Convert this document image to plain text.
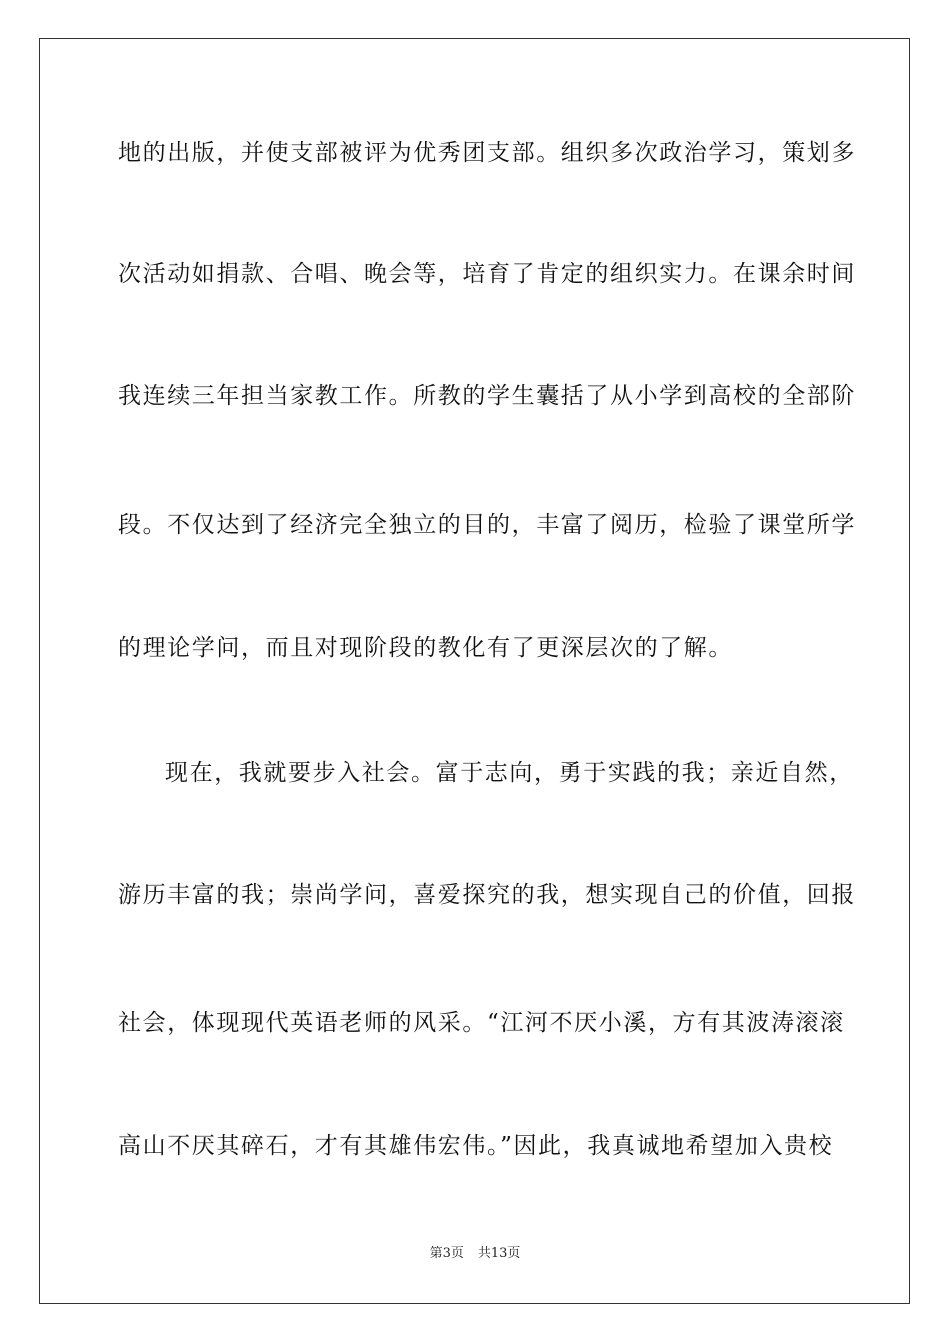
地的出版，并使支部被评为优秀团支部。组织多次政治学习，策划多
次活动如捐款、合唱、晚会等，培育了肯定的组织实力。在课余时间
我连续三年担当家教工作。所教的学生囊括了从小学到高校的全部阶
段。不仅达到了经济完全独立的目的，丰富了阅历，检验了课堂所学
的理论学问，而且对现阶段的教化有了更深层次的了解。
现在，我就要步入社会。富于志向，勇于实践的我；亲近自然，
游历丰富的我；崇尚学问，喜爱探究的我，想实现自己的价值，回报
社会，体现现代英语老师的风采。“江河不厌小溪，方有其波涛滚滚
高山不厌其碎石，才有其雄伟宏伟。”因此，我真诚地希望加入贵校
第3页 共13页
